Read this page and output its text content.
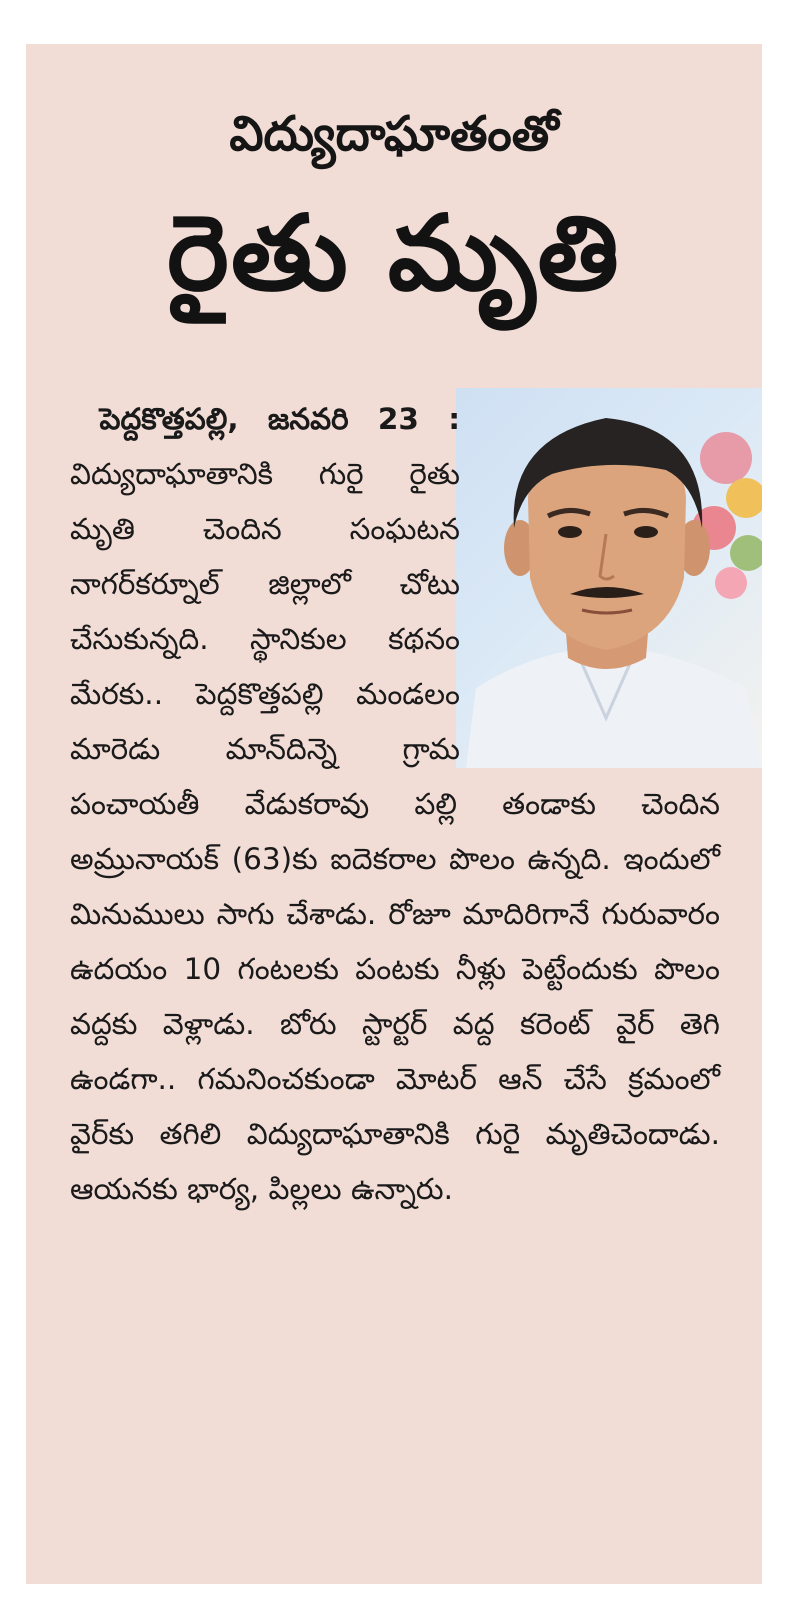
విద్యుదాఘాతంతో
రైతు మృతి

 పెద్దకొత్తపల్లి, జనవరి 23 : విద్యుదాఘాతానికి గురై రైతు మృతి చెందిన సంఘటన నాగర్‌కర్నూల్ జిల్లాలో చోటు చేసుకున్నది. స్థానికుల కథనం మేరకు.. పెద్దకొత్తపల్లి మండలం మారెడు మాన్‌దిన్నె గ్రామ పంచాయతీ వేడుకరావు పల్లి తండాకు చెందిన అమ్రునాయక్ (63)కు ఐదెకరాల పొలం ఉన్నది. ఇందులో మినుములు సాగు చేశాడు. రోజూ మాదిరిగానే గురువారం ఉదయం 10 గంటలకు పంటకు నీళ్లు పెట్టేందుకు పొలం వద్దకు వెళ్లాడు. బోరు స్టార్టర్ వద్ద కరెంట్ వైర్ తెగి ఉండగా.. గమనించకుండా మోటర్ ఆన్ చేసే క్రమంలో వైర్‌కు తగిలి విద్యుదాఘాతానికి గురై మృతిచెందాడు. ఆయనకు భార్య, పిల్లలు ఉన్నారు.
